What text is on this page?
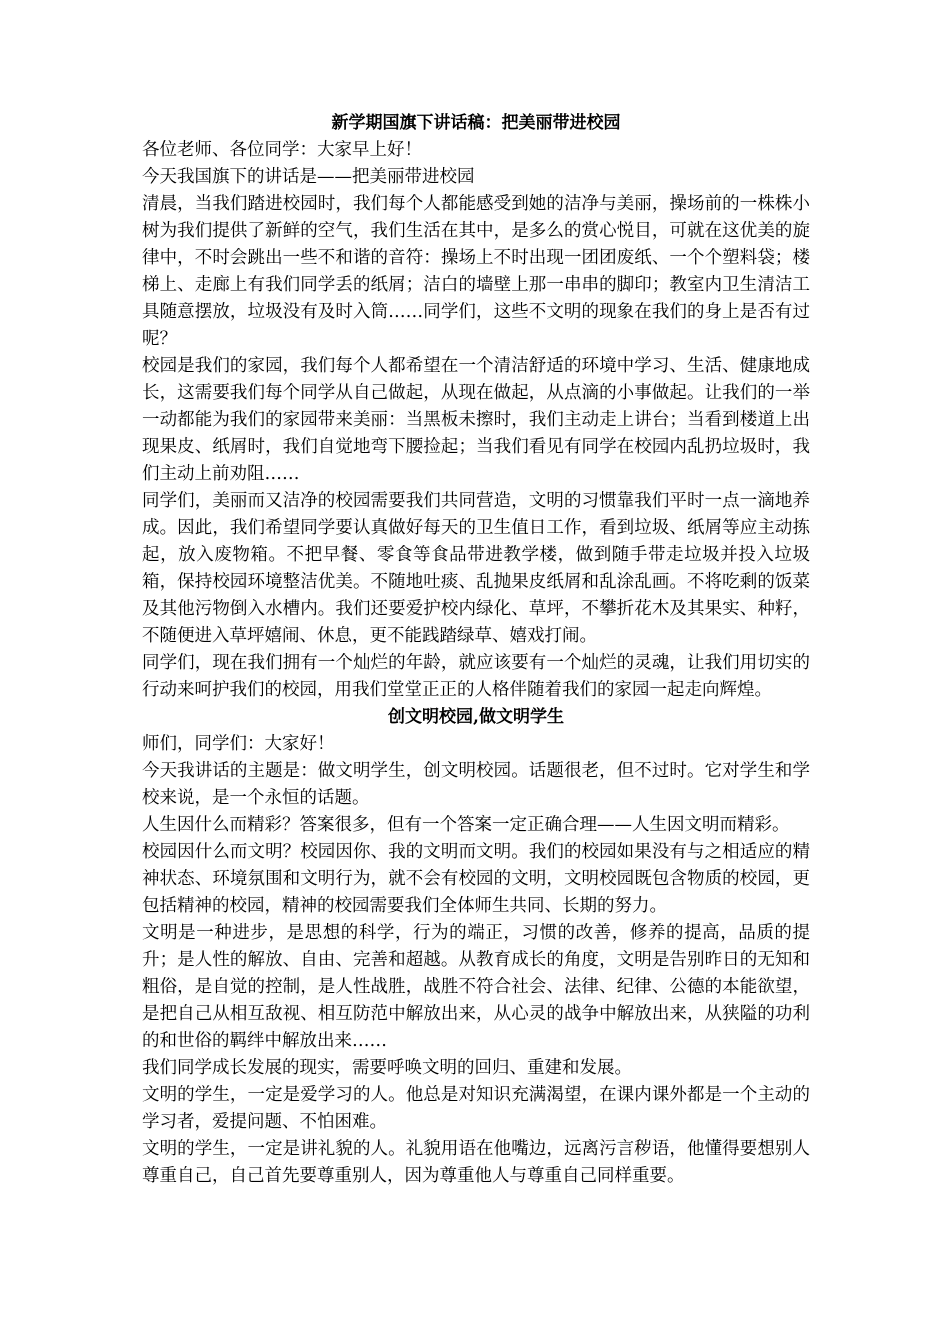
新学期国旗下讲话稿：把美丽带进校园

各位老师、各位同学：大家早上好！

今天我国旗下的讲话是——把美丽带进校园

清晨，当我们踏进校园时，我们每个人都能感受到她的洁净与美丽，操场前的一株株小树为我们提供了新鲜的空气，我们生活在其中，是多么的赏心悦目，可就在这优美的旋律中，不时会跳出一些不和谐的音符：操场上不时出现一团团废纸、一个个塑料袋；楼梯上、走廊上有我们同学丢的纸屑；洁白的墙壁上那一串串的脚印；教室内卫生清洁工具随意摆放，垃圾没有及时入筒……同学们，这些不文明的现象在我们的身上是否有过呢？

校园是我们的家园，我们每个人都希望在一个清洁舒适的环境中学习、生活、健康地成长，这需要我们每个同学从自己做起，从现在做起，从点滴的小事做起。让我们的一举一动都能为我们的家园带来美丽：当黑板未擦时，我们主动走上讲台；当看到楼道上出现果皮、纸屑时，我们自觉地弯下腰捡起；当我们看见有同学在校园内乱扔垃圾时，我们主动上前劝阻……

同学们，美丽而又洁净的校园需要我们共同营造，文明的习惯靠我们平时一点一滴地养成。因此，我们希望同学要认真做好每天的卫生值日工作，看到垃圾、纸屑等应主动拣起，放入废物箱。不把早餐、零食等食品带进教学楼，做到随手带走垃圾并投入垃圾箱，保持校园环境整洁优美。不随地吐痰、乱抛果皮纸屑和乱涂乱画。不将吃剩的饭菜及其他污物倒入水槽内。我们还要爱护校内绿化、草坪，不攀折花木及其果实、种籽，不随便进入草坪嬉闹、休息，更不能践踏绿草、嬉戏打闹。

同学们，现在我们拥有一个灿烂的年龄，就应该要有一个灿烂的灵魂，让我们用切实的行动来呵护我们的校园，用我们堂堂正正的人格伴随着我们的家园一起走向辉煌。

创文明校园,做文明学生

师们，同学们：大家好！

今天我讲话的主题是：做文明学生，创文明校园。话题很老，但不过时。它对学生和学校来说，是一个永恒的话题。

人生因什么而精彩？答案很多，但有一个答案一定正确合理——人生因文明而精彩。

校园因什么而文明？校园因你、我的文明而文明。我们的校园如果没有与之相适应的精神状态、环境氛围和文明行为，就不会有校园的文明，文明校园既包含物质的校园，更包括精神的校园，精神的校园需要我们全体师生共同、长期的努力。

文明是一种进步，是思想的科学，行为的端正，习惯的改善，修养的提高，品质的提升；是人性的解放、自由、完善和超越。从教育成长的角度，文明是告别昨日的无知和粗俗，是自觉的控制，是人性战胜，战胜不符合社会、法律、纪律、公德的本能欲望，是把自己从相互敌视、相互防范中解放出来，从心灵的战争中解放出来，从狭隘的功利的和世俗的羁绊中解放出来……

我们同学成长发展的现实，需要呼唤文明的回归、重建和发展。

文明的学生，一定是爱学习的人。他总是对知识充满渴望，在课内课外都是一个主动的学习者，爱提问题、不怕困难。

文明的学生，一定是讲礼貌的人。礼貌用语在他嘴边，远离污言秽语，他懂得要想别人尊重自己，自己首先要尊重别人，因为尊重他人与尊重自己同样重要。
